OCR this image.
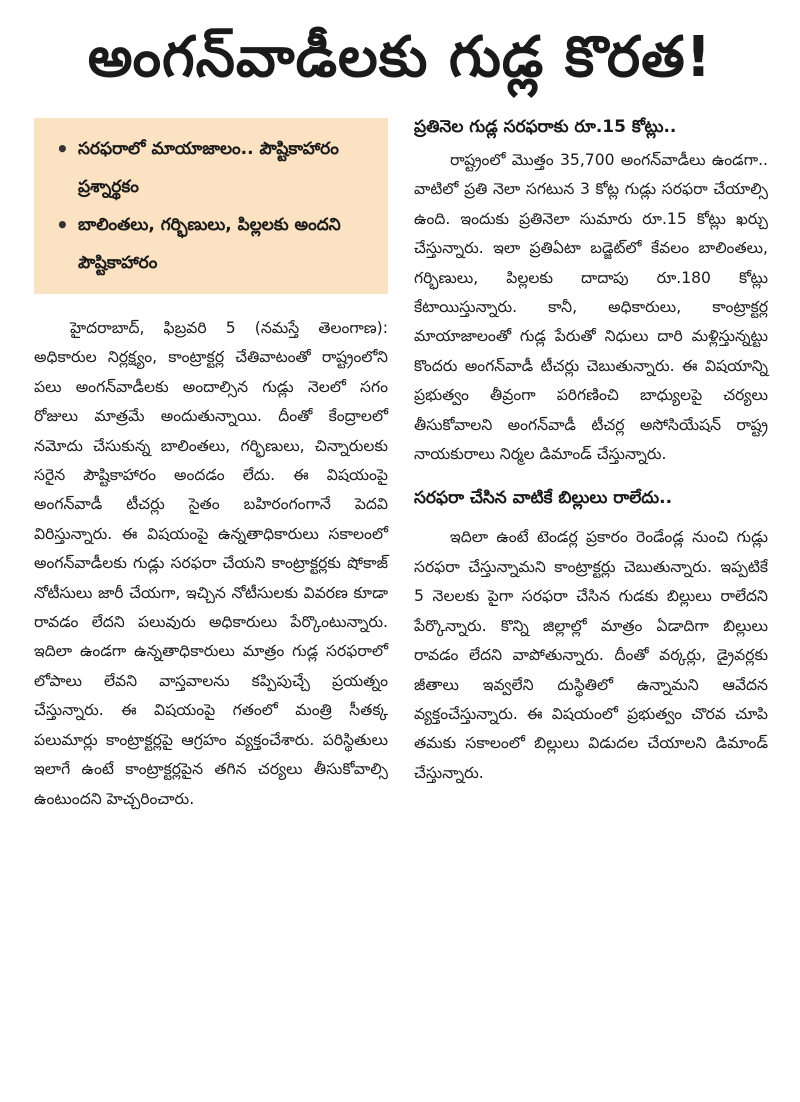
అంగన్‌వాడీలకు గుడ్ల కొరత!
• సరఫరాలో మాయాజాలం.. పౌష్టికాహారం ప్రశ్నార్థకం
• బాలింతలు, గర్భిణులు, పిల్లలకు అందని పౌష్టికాహారం

హైదరాబాద్, ఫిబ్రవరి 5 (నమస్తే తెలంగాణ): అధికారుల నిర్లక్ష్యం, కాంట్రాక్టర్ల చేతివాటంతో రాష్ట్రంలోని పలు అంగన్‌వాడీలకు అందాల్సిన గుడ్లు నెలలో సగం రోజులు మాత్రమే అందుతున్నాయి. దీంతో కేంద్రాలలో నమోదు చేసుకున్న బాలింతలు, గర్భిణులు, చిన్నారులకు సరైన పౌష్టికాహారం అందడం లేదు. ఈ విషయంపై అంగన్‌వాడీ టీచర్లు సైతం బహిరంగంగానే పెదవి విరిస్తున్నారు. ఈ విషయంపై ఉన్నతాధికారులు సకాలంలో అంగన్‌వాడీలకు గుడ్లు సరఫరా చేయని కాంట్రాక్టర్లకు షోకాజ్ నోటీసులు జారీ చేయగా, ఇచ్చిన నోటీసులకు వివరణ కూడా రావడం లేదని పలువురు అధికారులు పేర్కొంటున్నారు. ఇదిలా ఉండగా ఉన్నతాధికారులు మాత్రం గుడ్ల సరఫరాలో లోపాలు లేవని వాస్తవాలను కప్పిపుచ్చే ప్రయత్నం చేస్తున్నారు. ఈ విషయంపై గతంలో మంత్రి సీతక్క పలుమార్లు కాంట్రాక్టర్లపై ఆగ్రహం వ్యక్తంచేశారు. పరిస్థితులు ఇలాగే ఉంటే కాంట్రాక్టర్లపైన తగిన చర్యలు తీసుకోవాల్సి ఉంటుందని హెచ్చరించారు.

ప్రతినెల గుడ్ల సరఫరాకు రూ.15 కోట్లు..

రాష్ట్రంలో మొత్తం 35,700 అంగన్‌వాడీలు ఉండగా.. వాటిలో ప్రతి నెలా సగటున 3 కోట్ల గుడ్లు సరఫరా చేయాల్సి ఉంది. ఇందుకు ప్రతినెలా సుమారు రూ.15 కోట్లు ఖర్చు చేస్తున్నారు. ఇలా ప్రతిఏటా బడ్జెట్‌లో కేవలం బాలింతలు, గర్భిణులు, పిల్లలకు దాదాపు రూ.180 కోట్లు కేటాయిస్తున్నారు. కానీ, అధికారులు, కాంట్రాక్టర్ల మాయాజాలంతో గుడ్ల పేరుతో నిధులు దారి మళ్లిస్తున్నట్టు కొందరు అంగన్‌వాడీ టీచర్లు చెబుతున్నారు. ఈ విషయాన్ని ప్రభుత్వం తీవ్రంగా పరిగణించి బాధ్యులపై చర్యలు తీసుకోవాలని అంగన్‌వాడీ టీచర్ల అసోసియేషన్ రాష్ట్ర నాయకురాలు నిర్మల డిమాండ్ చేస్తున్నారు.

సరఫరా చేసిన వాటికే బిల్లులు రాలేదు..

ఇదిలా ఉంటే టెండర్ల ప్రకారం రెండేండ్ల నుంచి గుడ్లు సరఫరా చేస్తున్నామని కాంట్రాక్టర్లు చెబుతున్నారు. ఇప్పటికే 5 నెలలకు పైగా సరఫరా చేసిన గుడకు బిల్లులు రాలేదని పేర్కొన్నారు. కొన్ని జిల్లాల్లో మాత్రం ఏడాదిగా బిల్లులు రావడం లేదని వాపోతున్నారు. దీంతో వర్కర్లు, డ్రైవర్లకు జీతాలు ఇవ్వలేని దుస్థితిలో ఉన్నామని ఆవేదన వ్యక్తంచేస్తున్నారు. ఈ విషయంలో ప్రభుత్వం చొరవ చూపి తమకు సకాలంలో బిల్లులు విడుదల చేయాలని డిమాండ్ చేస్తున్నారు.
